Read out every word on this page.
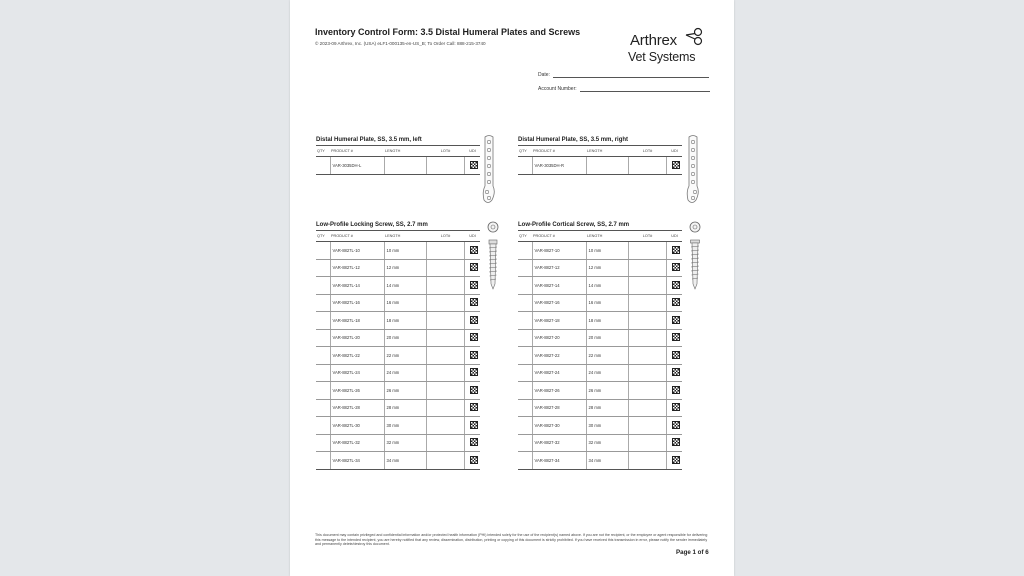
Inventory Control Form: 3.5 Distal Humeral Plates and Screws
© 2023-09 Arthrex, Inc. (USA) eLF1-000135-en-US_B; To Order Call: 888-215-3740	Arthrex
Vet Systems
Date:
Account Number:
Distal Humeral Plate, SS, 3.5 mm, left
QTY	PRODUCT #	LENGTH	LOT#	UDI
	VAR-3035DH-L			
Distal Humeral Plate, SS, 3.5 mm, right
QTY	PRODUCT #	LENGTH	LOT#	UDI
	VAR-3035DH-R			
Low-Profile Locking Screw, SS, 2.7 mm
QTY	PRODUCT #	LENGTH	LOT#	UDI
	VAR-8827L-10	10 mm		
	VAR-8827L-12	12 mm		
	VAR-8827L-14	14 mm		
	VAR-8827L-16	16 mm		
	VAR-8827L-18	18 mm		
	VAR-8827L-20	20 mm		
	VAR-8827L-22	22 mm		
	VAR-8827L-24	24 mm		
	VAR-8827L-26	26 mm		
	VAR-8827L-28	28 mm		
	VAR-8827L-30	30 mm		
	VAR-8827L-32	32 mm		
	VAR-8827L-34	34 mm		
Low-Profile Cortical Screw, SS, 2.7 mm
QTY	PRODUCT #	LENGTH	LOT#	UDI
	VAR-8827-10	10 mm		
	VAR-8827-12	12 mm		
	VAR-8827-14	14 mm		
	VAR-8827-16	16 mm		
	VAR-8827-18	18 mm		
	VAR-8827-20	20 mm		
	VAR-8827-22	22 mm		
	VAR-8827-24	24 mm		
	VAR-8827-26	26 mm		
	VAR-8827-28	28 mm		
	VAR-8827-30	30 mm		
	VAR-8827-32	32 mm		
	VAR-8827-34	34 mm		
This document may contain privileged and confidential information and/or protected health information (PHI) intended solely for the use of the recipient(s) named above. If you are not the recipient, or the employee or agent responsible for delivering this message to the intended recipient, you are hereby notified that any review, dissemination, distribution, printing or copying of this document is strictly prohibited. If you have received this transmission in error, please notify the sender immediately and permanently delete/destroy this document.
Page 1 of 6
